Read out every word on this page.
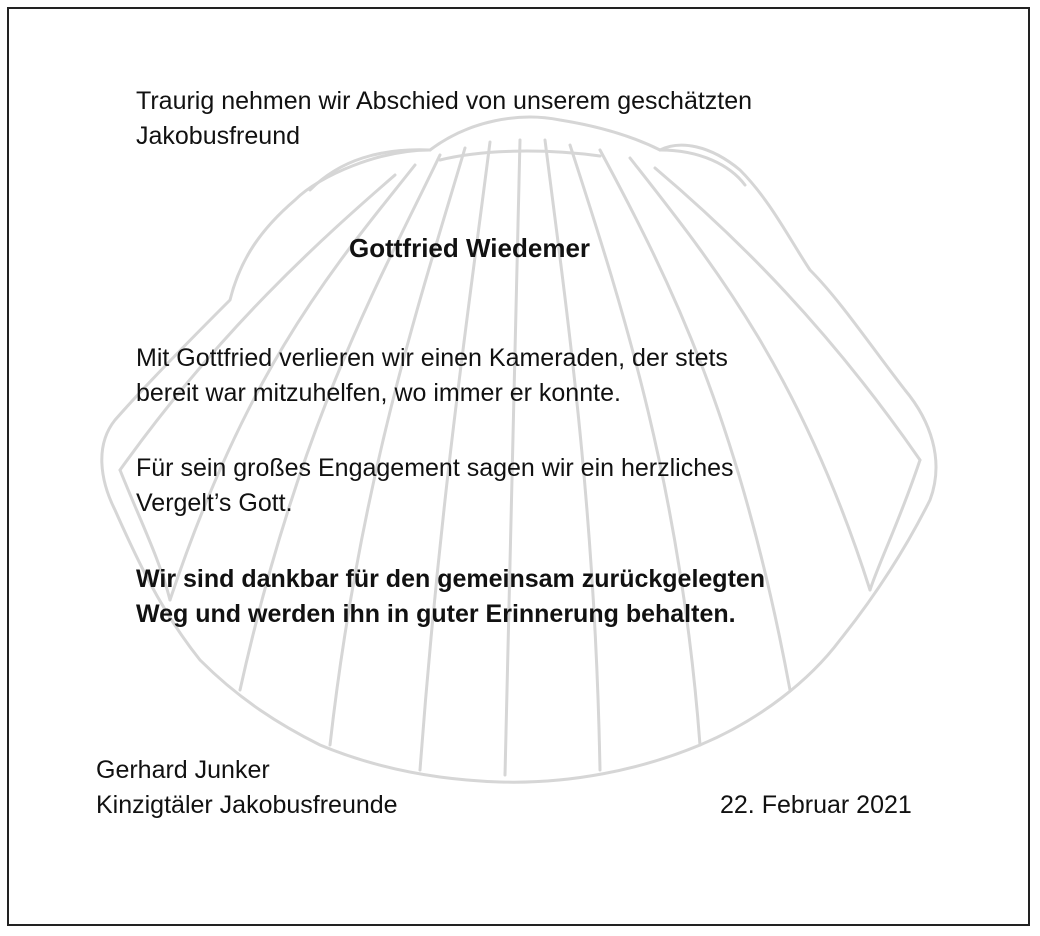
Traurig nehmen wir Abschied von unserem geschätzten
Jakobusfreund
Gottfried Wiedemer
Mit Gottfried verlieren wir einen Kameraden, der stets
bereit war mitzuhelfen, wo immer er konnte.
Für sein großes Engagement sagen wir ein herzliches
Vergelt’s Gott.
Wir sind dankbar für den gemeinsam zurückgelegten
Weg und werden ihn in guter Erinnerung behalten.
Gerhard Junker
Kinzigtäler Jakobusfreunde	22. Februar 2021
